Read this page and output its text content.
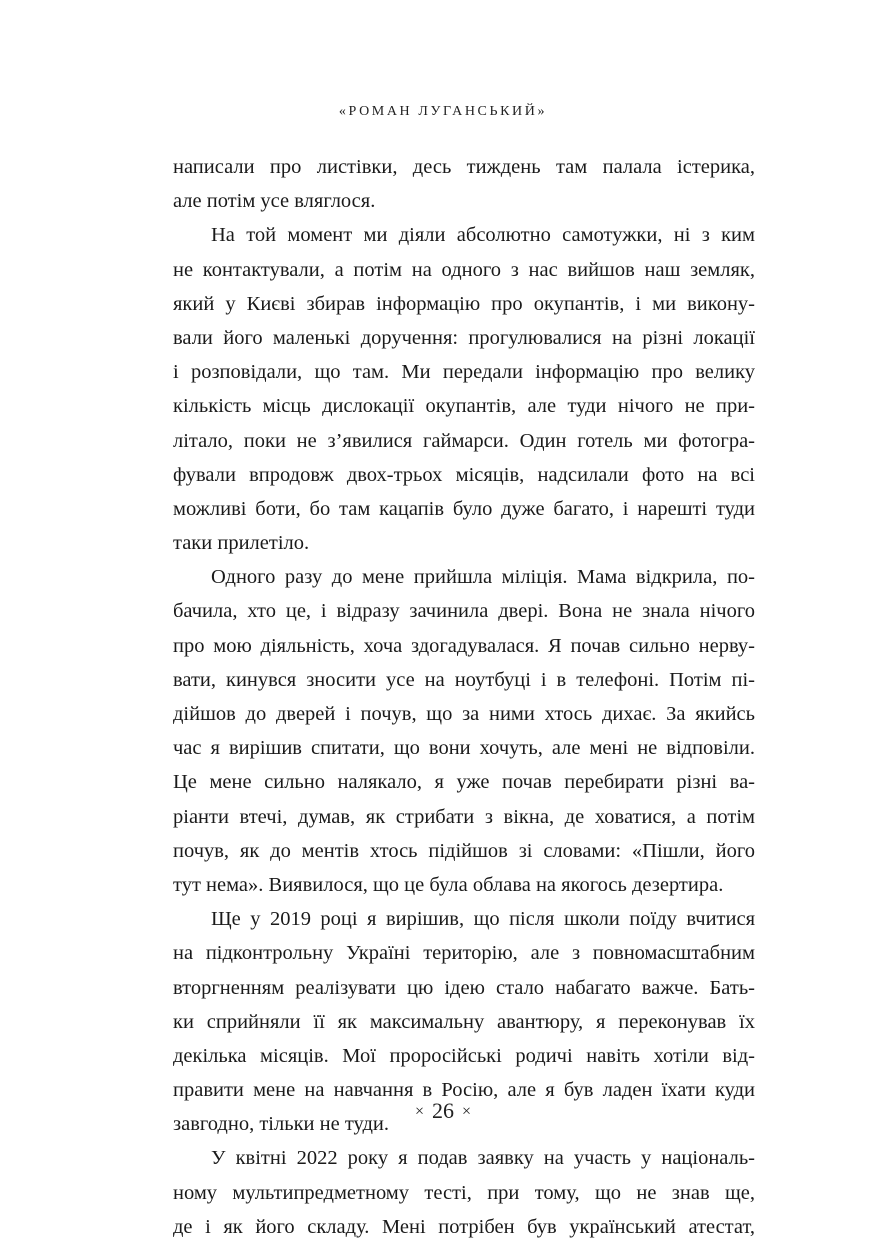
«РОМАН ЛУГАНСЬКИЙ»
написали про листівки, десь тиждень там палала істерика,
але потім усе вляглося.
На той момент ми діяли абсолютно самотужки, ні з ким
не контактували, а потім на одного з нас вийшов наш земляк,
який у Києві збирав інформацію про окупантів, і ми викону-
вали його маленькі доручення: прогулювалися на різні локації
і розповідали, що там. Ми передали інформацію про велику
кількість місць дислокації окупантів, але туди нічого не при-
літало, поки не з’явилися гаймарси. Один готель ми фотогра-
фували впродовж двох-трьох місяців, надсилали фото на всі
можливі боти, бо там кацапів було дуже багато, і нарешті туди
таки прилетіло.
Одного разу до мене прийшла міліція. Мама відкрила, по-
бачила, хто це, і відразу зачинила двері. Вона не знала нічого
про мою діяльність, хоча здогадувалася. Я почав сильно нерву-
вати, кинувся зносити усе на ноутбуці і в телефоні. Потім пі-
дійшов до дверей і почув, що за ними хтось дихає. За якийсь
час я вирішив спитати, що вони хочуть, але мені не відповіли.
Це мене сильно налякало, я уже почав перебирати різні ва-
ріанти втечі, думав, як стрибати з вікна, де ховатися, а потім
почув, як до ментів хтось підійшов зі словами: «Пішли, його
тут нема». Виявилося, що це була облава на якогось дезертира.
Ще у 2019 році я вирішив, що після школи поїду вчитися
на підконтрольну Україні територію, але з повномасштабним
вторгненням реалізувати цю ідею стало набагато важче. Бать-
ки сприйняли її як максимальну авантюру, я переконував їх
декілька місяців. Мої проросійські родичі навіть хотіли від-
правити мене на навчання в Росію, але я був ладен їхати куди
завгодно, тільки не туди.
У квітні 2022 року я подав заявку на участь у національ-
ному мультипредметному тесті, при тому, що не знав ще,
де і як його складу. Мені потрібен був український атестат,
× 26 ×
